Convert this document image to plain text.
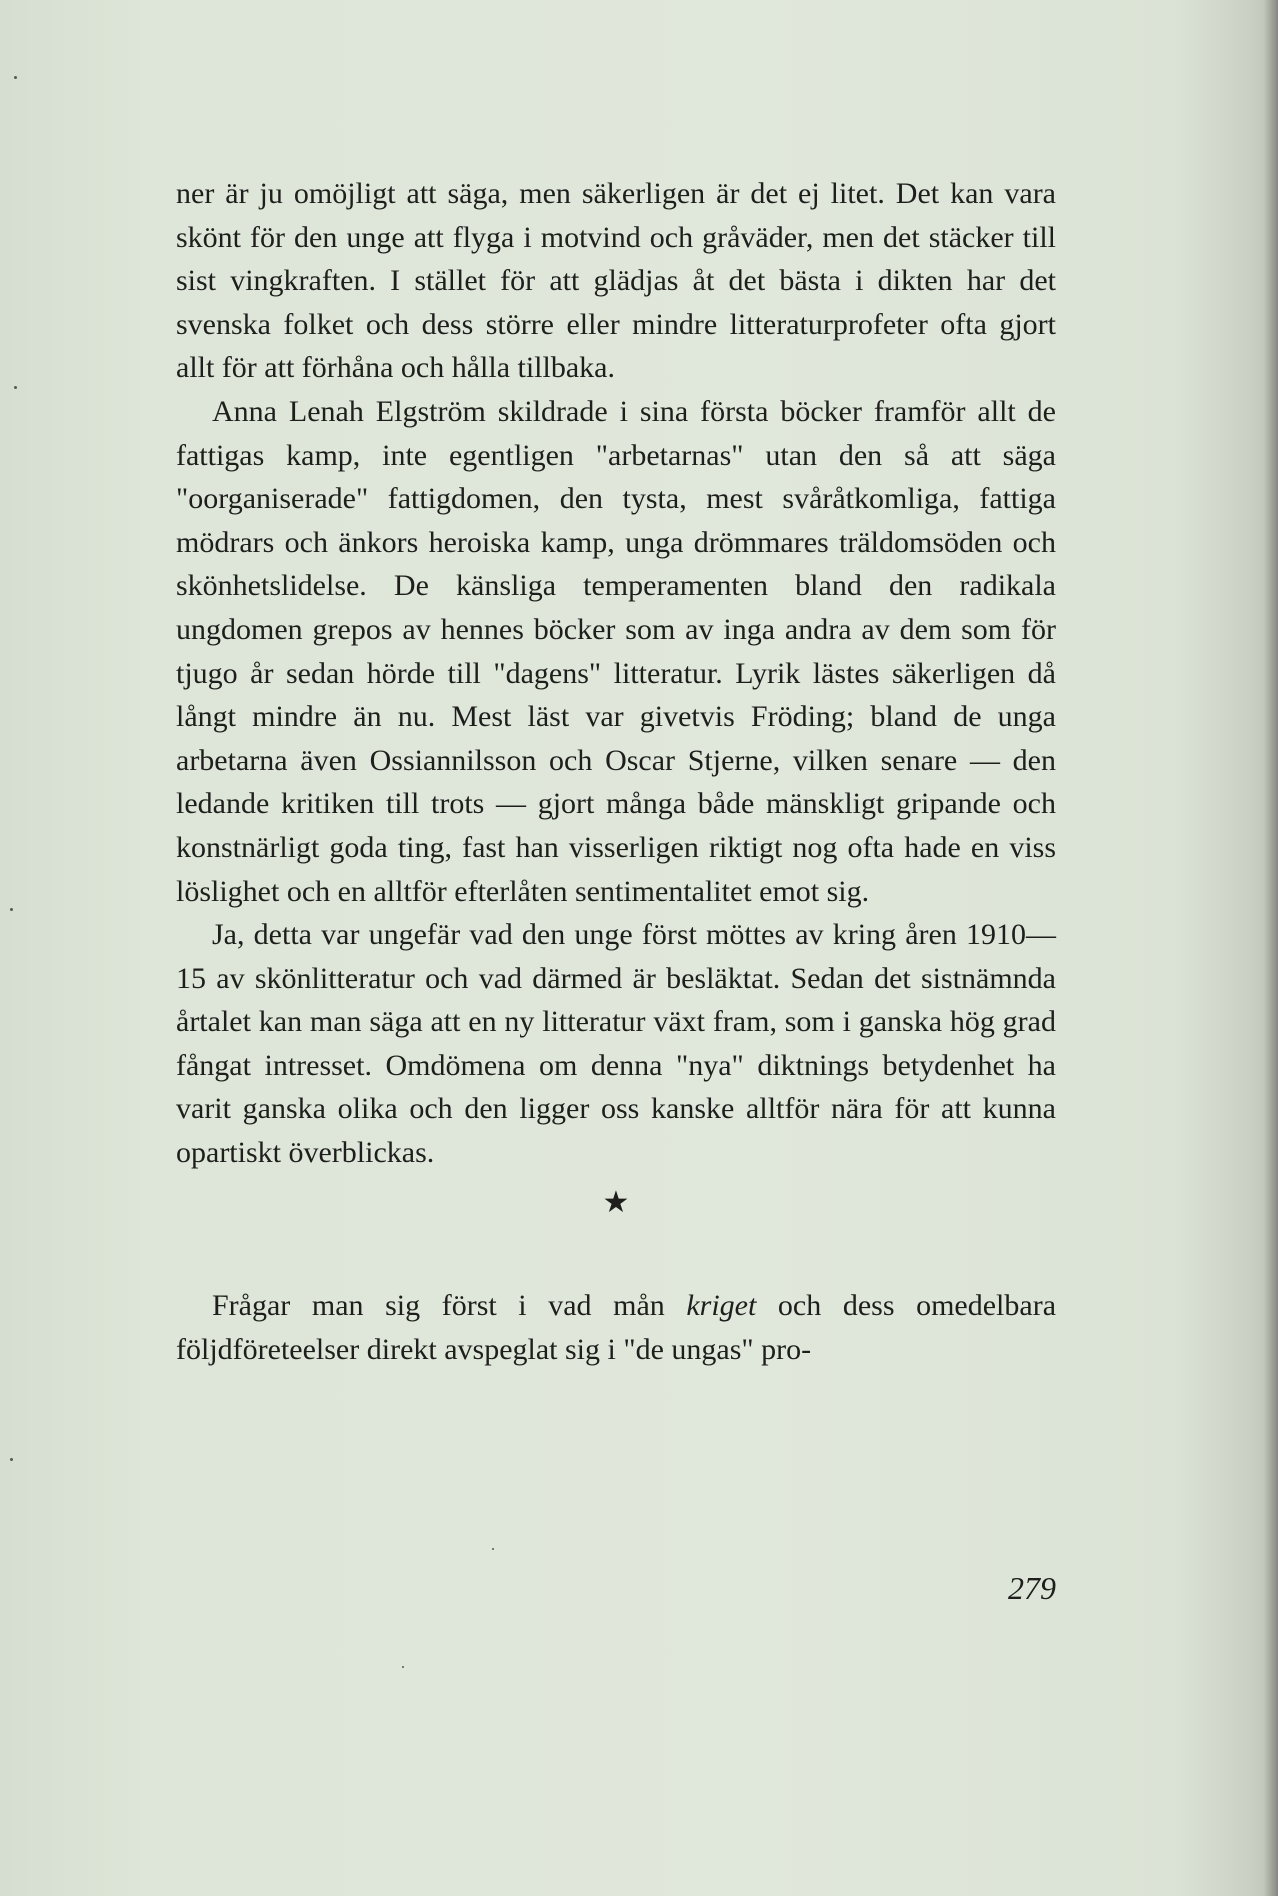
ner är ju omöjligt att säga, men säkerligen är det ej litet. Det kan vara skönt för den unge att flyga i motvind och gråväder, men det stäcker till sist vingkraften. I stället för att glädjas åt det bästa i dikten har det svenska folket och dess större eller mindre litteraturprofeter ofta gjort allt för att förhåna och hålla tillbaka.

Anna Lenah Elgström skildrade i sina första böcker framför allt de fattigas kamp, inte egentligen "arbetarnas" utan den så att säga "oorganiserade" fattigdomen, den tysta, mest svåråtkomliga, fattiga mödrars och änkors heroiska kamp, unga drömmares träldomsöden och skönhetslidelse. De känsliga temperamenten bland den radikala ungdomen grepos av hennes böcker som av inga andra av dem som för tjugo år sedan hörde till "dagens" litteratur. Lyrik lästes säkerligen då långt mindre än nu. Mest läst var givetvis Fröding; bland de unga arbetarna även Ossiannilsson och Oscar Stjerne, vilken senare — den ledande kritiken till trots — gjort många både mänskligt gripande och konstnärligt goda ting, fast han visserligen riktigt nog ofta hade en viss löslighet och en alltför efterlåten sentimentalitet emot sig.

Ja, detta var ungefär vad den unge först möttes av kring åren 1910—15 av skönlitteratur och vad därmed är besläktat. Sedan det sistnämnda årtalet kan man säga att en ny litteratur växt fram, som i ganska hög grad fångat intresset. Omdömena om denna "nya" diktnings betydenhet ha varit ganska olika och den ligger oss kanske alltför nära för att kunna opartiskt överblickas.

★

Frågar man sig först i vad mån kriget och dess omedelbara följdföreteelser direkt avspeglat sig i "de ungas" pro-

279
